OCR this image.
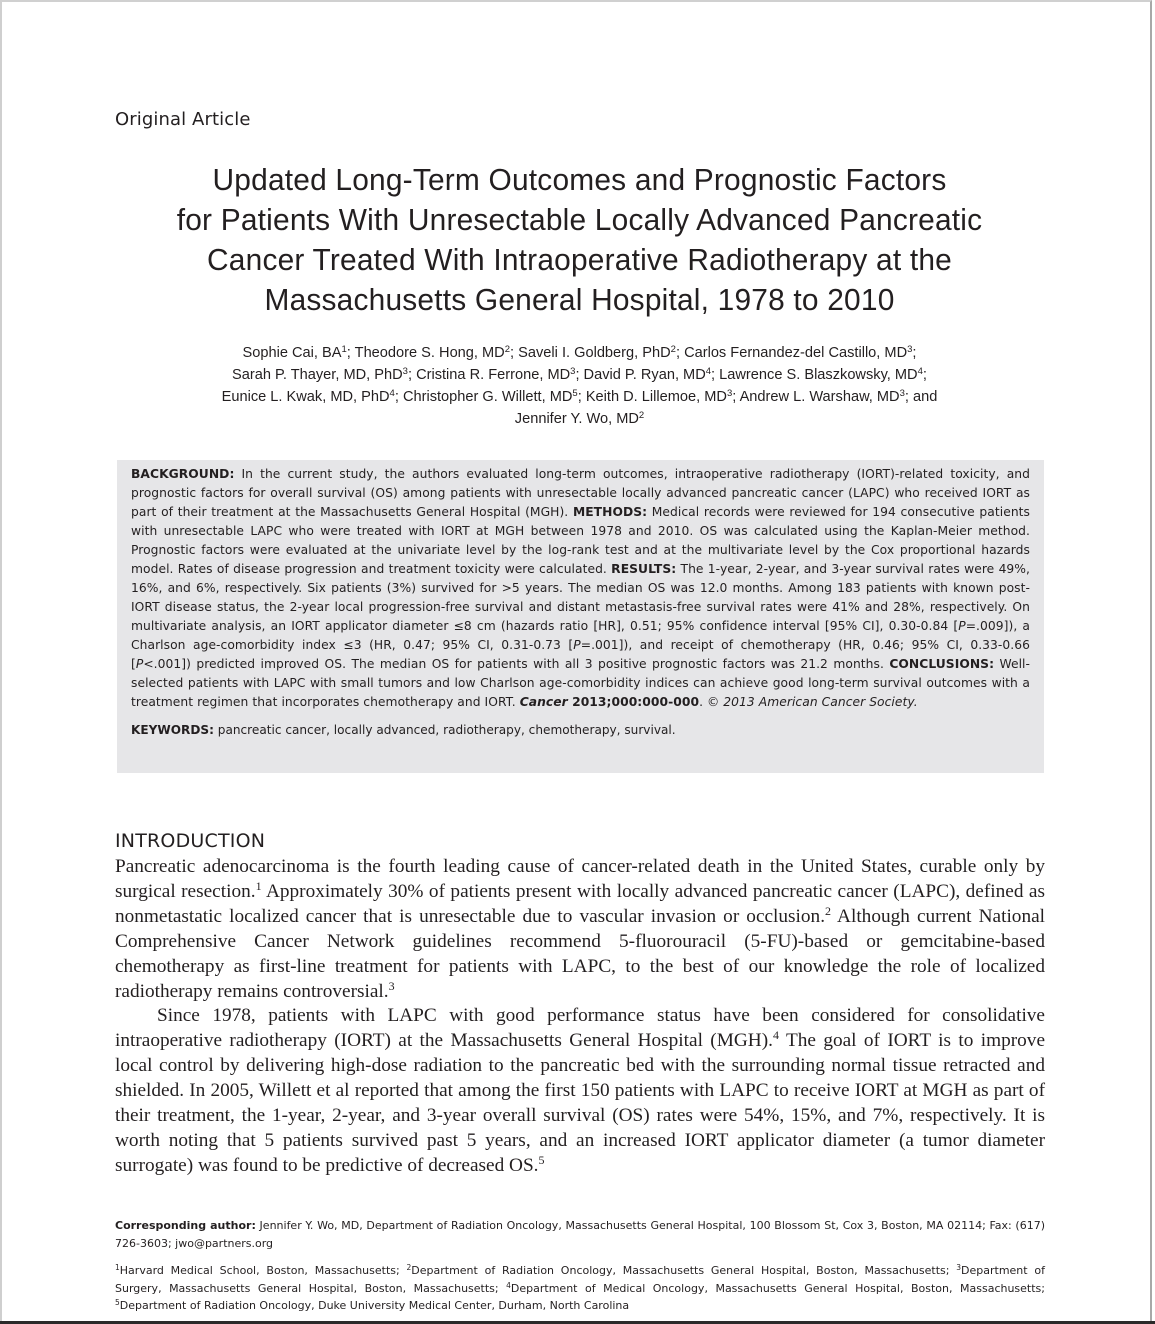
Original Article
Updated Long-Term Outcomes and Prognostic Factors
for Patients With Unresectable Locally Advanced Pancreatic
Cancer Treated With Intraoperative Radiotherapy at the
Massachusetts General Hospital, 1978 to 2010
Sophie Cai, $BA^1$; Theodore S. Hong, $MD^2$; Saveli I. Goldberg, PhD$^2$; Carlos Fernandez-del Castillo, $MD^3$;
Sarah P. Thayer, MD, PhD$^3$; Cristina R. Ferrone, $MD^3$; David P. Ryan, $MD^4$; Lawrence S. Blaszkowsky, $MD^4$;
Eunice L. Kwak, MD, PhD$^4$; Christopher G. Willett, $MD^5$; Keith D. Lillemoe, $MD^3$; Andrew L. Warshaw, $MD^3$; and
Jennifer Y. Wo, $MD^2$
BACKGROUND: In the current study, the authors evaluated long-term outcomes, intraoperative radiotherapy (IORT)-related toxicity, and prognostic factors for overall survival (OS) among patients with unresectable locally advanced pancreatic cancer (LAPC) who received IORT as part of their treatment at the Massachusetts General Hospital (MGH). METHODS: Medical records were reviewed for 194 consecutive patients with unresectable LAPC who were treated with IORT at MGH between 1978 and 2010. OS was calculated using the Kaplan-Meier method. Prognostic factors were evaluated at the univariate level by the log-rank test and at the multivariate level by the Cox proportional hazards model. Rates of disease progression and treatment toxicity were calculated. RESULTS: The 1-year, 2-year, and 3-year survival rates were 49%, 16%, and 6%, respectively. Six patients (3%) survived for >5 years. The median OS was 12.0 months. Among 183 patients with known post-IORT disease status, the 2-year local progression-free survival and distant metastasis-free survival rates were 41% and 28%, respectively. On multivariate analysis, an IORT applicator diameter ≤8 cm (hazards ratio [HR], 0.51; 95% confidence interval [95% CI], 0.30-0.84 [P=.009]), a Charlson age-comorbidity index ≤3 (HR, 0.47; 95% CI, 0.31-0.73 [P=.001]), and receipt of chemotherapy (HR, 0.46; 95% CI, 0.33-0.66 [P<.001]) predicted improved OS. The median OS for patients with all 3 positive prognostic factors was 21.2 months. CONCLUSIONS: Well-selected patients with LAPC with small tumors and low Charlson age-comorbidity indices can achieve good long-term survival outcomes with a treatment regimen that incorporates chemotherapy and IORT. Cancer 2013;000:000-000. © 2013 American Cancer Society.
KEYWORDS: pancreatic cancer, locally advanced, radiotherapy, chemotherapy, survival.
INTRODUCTION

Pancreatic adenocarcinoma is the fourth leading cause of cancer-related death in the United States, curable only by surgical resection.$^1$ Approximately 30% of patients present with locally advanced pancreatic cancer (LAPC), defined as nonmetastatic localized cancer that is unresectable due to vascular invasion or occlusion.$^2$ Although current National Comprehensive Cancer Network guidelines recommend 5-fluorouracil (5-FU)-based or gemcitabine-based chemotherapy as first-line treatment for patients with LAPC, to the best of our knowledge the role of localized radiotherapy remains controversial.$^3$

Since 1978, patients with LAPC with good performance status have been considered for consolidative intraoperative radiotherapy (IORT) at the Massachusetts General Hospital (MGH).$^4$ The goal of IORT is to improve local control by delivering high-dose radiation to the pancreatic bed with the surrounding normal tissue retracted and shielded. In 2005, Willett et al reported that among the first 150 patients with LAPC to receive IORT at MGH as part of their treatment, the 1-year, 2-year, and 3-year overall survival (OS) rates were 54%, 15%, and 7%, respectively. It is worth noting that 5 patients survived past 5 years, and an increased IORT applicator diameter (a tumor diameter surrogate) was found to be predictive of decreased OS.$^5$

Corresponding author: Jennifer Y. Wo, MD, Department of Radiation Oncology, Massachusetts General Hospital, 100 Blossom St, Cox 3, Boston, MA 02114; Fax: (617) 726-3603; jwo@partners.org

$^1$Harvard Medical School, Boston, Massachusetts; $^2$Department of Radiation Oncology, Massachusetts General Hospital, Boston, Massachusetts; $^3$Department of Surgery, Massachusetts General Hospital, Boston, Massachusetts; $^4$Department of Medical Oncology, Massachusetts General Hospital, Boston, Massachusetts; $^5$Department of Radiation Oncology, Duke University Medical Center, Durham, North Carolina
